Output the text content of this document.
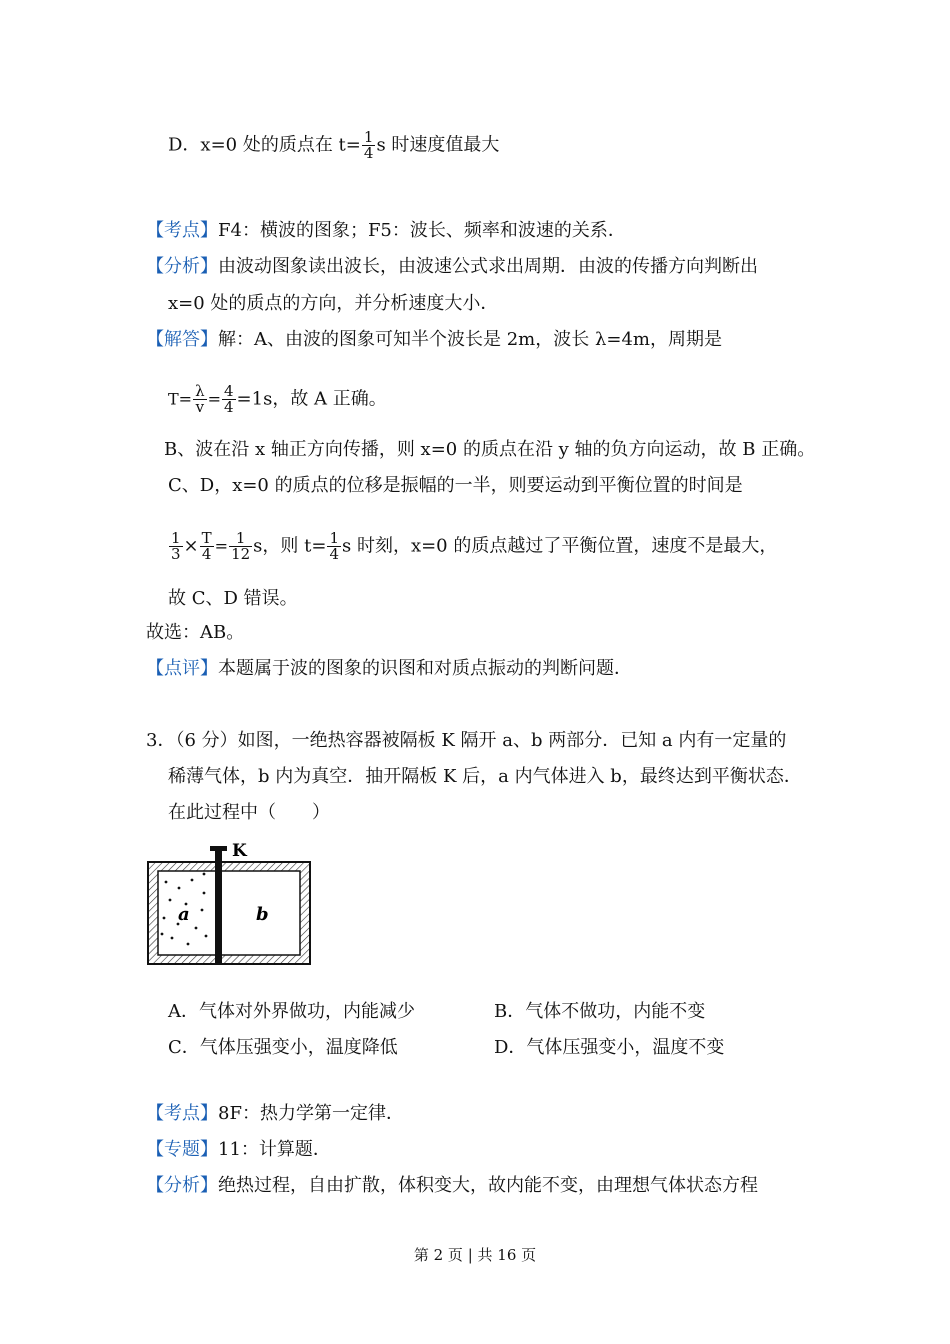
D．x=0 处的质点在 $t= \frac{1}{4}$ s 时速度值最大
【考点】F4：横波的图象；F5：波长、频率和波速的关系．
【分析】由波动图象读出波长，由波速公式求出周期．由波的传播方向判断出
x=0 处的质点的方向，并分析速度大小．
【解答】解：A、由波的图象可知半个波长是 2m，波长 λ=4m，周期是
$T= \frac{\lambda}{v} = \frac{4}{4} =1s$，故 A 正确。
B、波在沿 x 轴正方向传播，则 x=0 的质点在沿 y 轴的负方向运动，故 B 正确。
C、D，x=0 的质点的位移是振幅的一半，则要运动到平衡位置的时间是
$\frac{1}{3} \times \frac{T}{4} = \frac{1}{12}$ s，则 $t= \frac{1}{4}$ s 时刻，x=0 的质点越过了平衡位置，速度不是最大，
故 C、D 错误。
故选：AB。
【点评】本题属于波的图象的识图和对质点振动的判断问题．
3．（6 分）如图，一绝热容器被隔板 K 隔开 a、b 两部分．已知 a 内有一定量的
稀薄气体，b 内为真空．抽开隔板 K 后，a 内气体进入 b，最终达到平衡状态．
在此过程中（　　）
K
a	b
A．气体对外界做功，内能减少	B．气体不做功，内能不变
C．气体压强变小，温度降低	D．气体压强变小，温度不变
【考点】8F：热力学第一定律．
【专题】11：计算题．
【分析】绝热过程，自由扩散，体积变大，故内能不变，由理想气体状态方程
第 2 页 | 共 16 页
